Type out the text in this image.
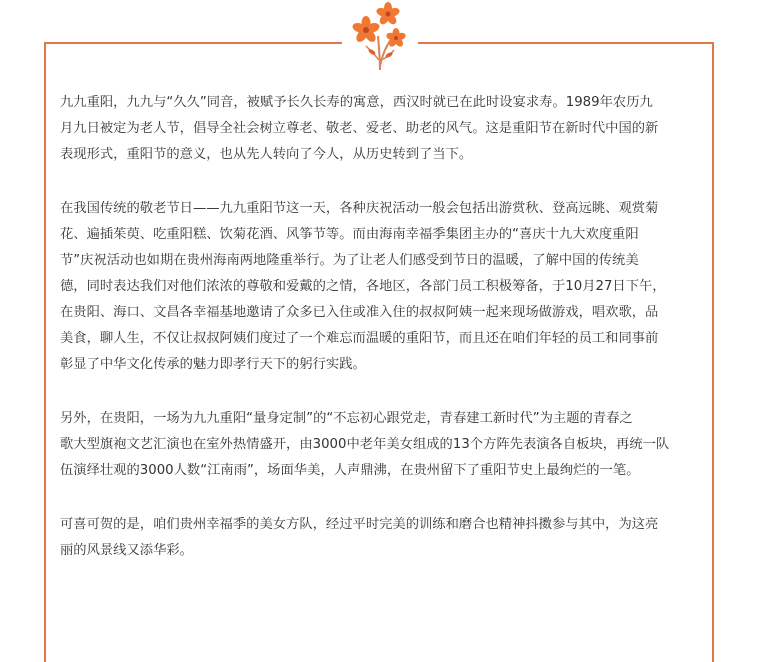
九九重阳，九九与“久久”同音，被赋予长久长寿的寓意，西汉时就已在此时设宴求寿。1989年农历九
月九日被定为老人节，倡导全社会树立尊老、敬老、爱老、助老的风气。这是重阳节在新时代中国的新
表现形式，重阳节的意义，也从先人转向了今人，从历史转到了当下。

在我国传统的敬老节日——九九重阳节这一天，各种庆祝活动一般会包括出游赏秋、登高远眺、观赏菊
花、遍插茱萸、吃重阳糕、饮菊花酒、风筝节等。而由海南幸福季集团主办的“喜庆十九大欢度重阳
节”庆祝活动也如期在贵州海南两地隆重举行。为了让老人们感受到节日的温暖，了解中国的传统美
德，同时表达我们对他们浓浓的尊敬和爱戴的之情，各地区，各部门员工积极筹备，于10月27日下午，
在贵阳、海口、文昌各幸福基地邀请了众多已入住或准入住的叔叔阿姨一起来现场做游戏，唱欢歌，品
美食，聊人生，不仅让叔叔阿姨们度过了一个难忘而温暖的重阳节，而且还在咱们年轻的员工和同事前
彰显了中华文化传承的魅力即孝行天下的躬行实践。

另外，在贵阳，一场为九九重阳“量身定制”的“不忘初心跟党走，青春建工新时代”为主题的青春之
歌大型旗袍文艺汇演也在室外热情盛开，由3000中老年美女组成的13个方阵先表演各自板块，再统一队
伍演绎壮观的3000人数“江南雨”，场面华美，人声鼎沸，在贵州留下了重阳节史上最绚烂的一笔。

可喜可贺的是，咱们贵州幸福季的美女方队，经过平时完美的训练和磨合也精神抖擞参与其中，为这亮
丽的风景线又添华彩。
